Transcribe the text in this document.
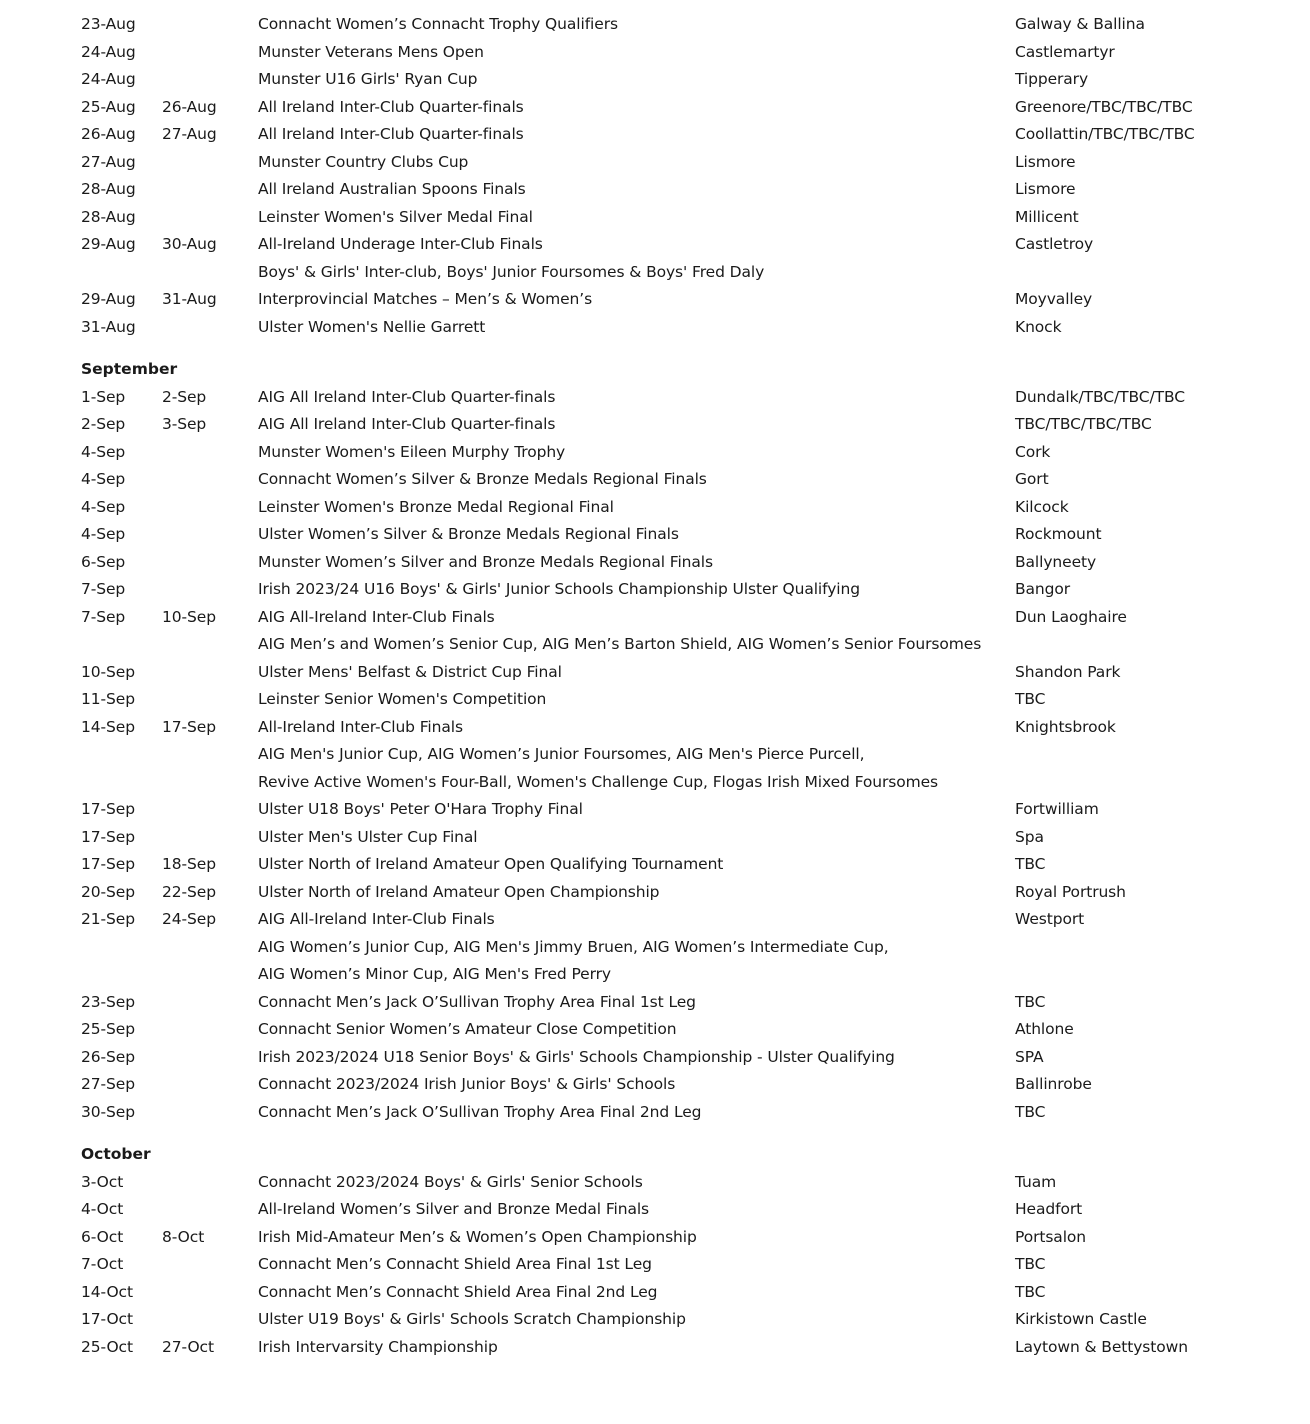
23-Aug	Connacht Women’s Connacht Trophy Qualifiers	Galway & Ballina
24-Aug	Munster Veterans Mens Open	Castlemartyr
24-Aug	Munster U16 Girls' Ryan Cup	Tipperary
25-Aug 26-Aug	All Ireland Inter-Club Quarter-finals	Greenore/TBC/TBC/TBC
26-Aug 27-Aug	All Ireland Inter-Club Quarter-finals	Coollattin/TBC/TBC/TBC
27-Aug	Munster Country Clubs Cup	Lismore
28-Aug	All Ireland Australian Spoons Finals	Lismore
28-Aug	Leinster Women's Silver Medal Final	Millicent
29-Aug 30-Aug	All-Ireland Underage Inter-Club Finals	Castletroy
Boys' & Girls' Inter-club, Boys' Junior Foursomes & Boys' Fred Daly
29-Aug 31-Aug	Interprovincial Matches – Men’s & Women’s	Moyvalley
31-Aug	Ulster Women's Nellie Garrett	Knock
September
1-Sep 2-Sep	AIG All Ireland Inter-Club Quarter-finals	Dundalk/TBC/TBC/TBC
2-Sep 3-Sep	AIG All Ireland Inter-Club Quarter-finals	TBC/TBC/TBC/TBC
4-Sep	Munster Women's Eileen Murphy Trophy	Cork
4-Sep	Connacht Women’s Silver & Bronze Medals Regional Finals	Gort
4-Sep	Leinster Women's Bronze Medal Regional Final	Kilcock
4-Sep	Ulster Women’s Silver & Bronze Medals Regional Finals	Rockmount
6-Sep	Munster Women’s Silver and Bronze Medals Regional Finals	Ballyneety
7-Sep	Irish 2023/24 U16 Boys' & Girls' Junior Schools Championship Ulster Qualifying	Bangor
7-Sep 10-Sep	AIG All-Ireland Inter-Club Finals	Dun Laoghaire
AIG Men’s and Women’s Senior Cup, AIG Men’s Barton Shield, AIG Women’s Senior Foursomes
10-Sep	Ulster Mens' Belfast & District Cup Final	Shandon Park
11-Sep	Leinster Senior Women's Competition	TBC
14-Sep 17-Sep	All-Ireland Inter-Club Finals	Knightsbrook
AIG Men's Junior Cup, AIG Women’s Junior Foursomes, AIG Men's Pierce Purcell,
Revive Active Women's Four-Ball, Women's Challenge Cup, Flogas Irish Mixed Foursomes
17-Sep	Ulster U18 Boys' Peter O'Hara Trophy Final	Fortwilliam
17-Sep	Ulster Men's Ulster Cup Final	Spa
17-Sep 18-Sep	Ulster North of Ireland Amateur Open Qualifying Tournament	TBC
20-Sep 22-Sep	Ulster North of Ireland Amateur Open Championship	Royal Portrush
21-Sep 24-Sep	AIG All-Ireland Inter-Club Finals	Westport
AIG Women’s Junior Cup, AIG Men's Jimmy Bruen, AIG Women’s Intermediate Cup,
AIG Women’s Minor Cup, AIG Men's Fred Perry
23-Sep	Connacht Men’s Jack O’Sullivan Trophy Area Final 1st Leg	TBC
25-Sep	Connacht Senior Women’s Amateur Close Competition	Athlone
26-Sep	Irish 2023/2024 U18 Senior Boys' & Girls' Schools Championship - Ulster Qualifying	SPA
27-Sep	Connacht 2023/2024 Irish Junior Boys' & Girls' Schools	Ballinrobe
30-Sep	Connacht Men’s Jack O’Sullivan Trophy Area Final 2nd Leg	TBC
October
3-Oct	Connacht 2023/2024 Boys' & Girls' Senior Schools	Tuam
4-Oct	All-Ireland Women’s Silver and Bronze Medal Finals	Headfort
6-Oct	8-Oct	Irish Mid-Amateur Men’s & Women’s Open Championship	Portsalon
7-Oct	Connacht Men’s Connacht Shield Area Final 1st Leg	TBC
14-Oct	Connacht Men’s Connacht Shield Area Final 2nd Leg	TBC
17-Oct	Ulster U19 Boys' & Girls' Schools Scratch Championship	Kirkistown Castle
25-Oct 27-Oct	Irish Intervarsity Championship	Laytown & Bettystown
